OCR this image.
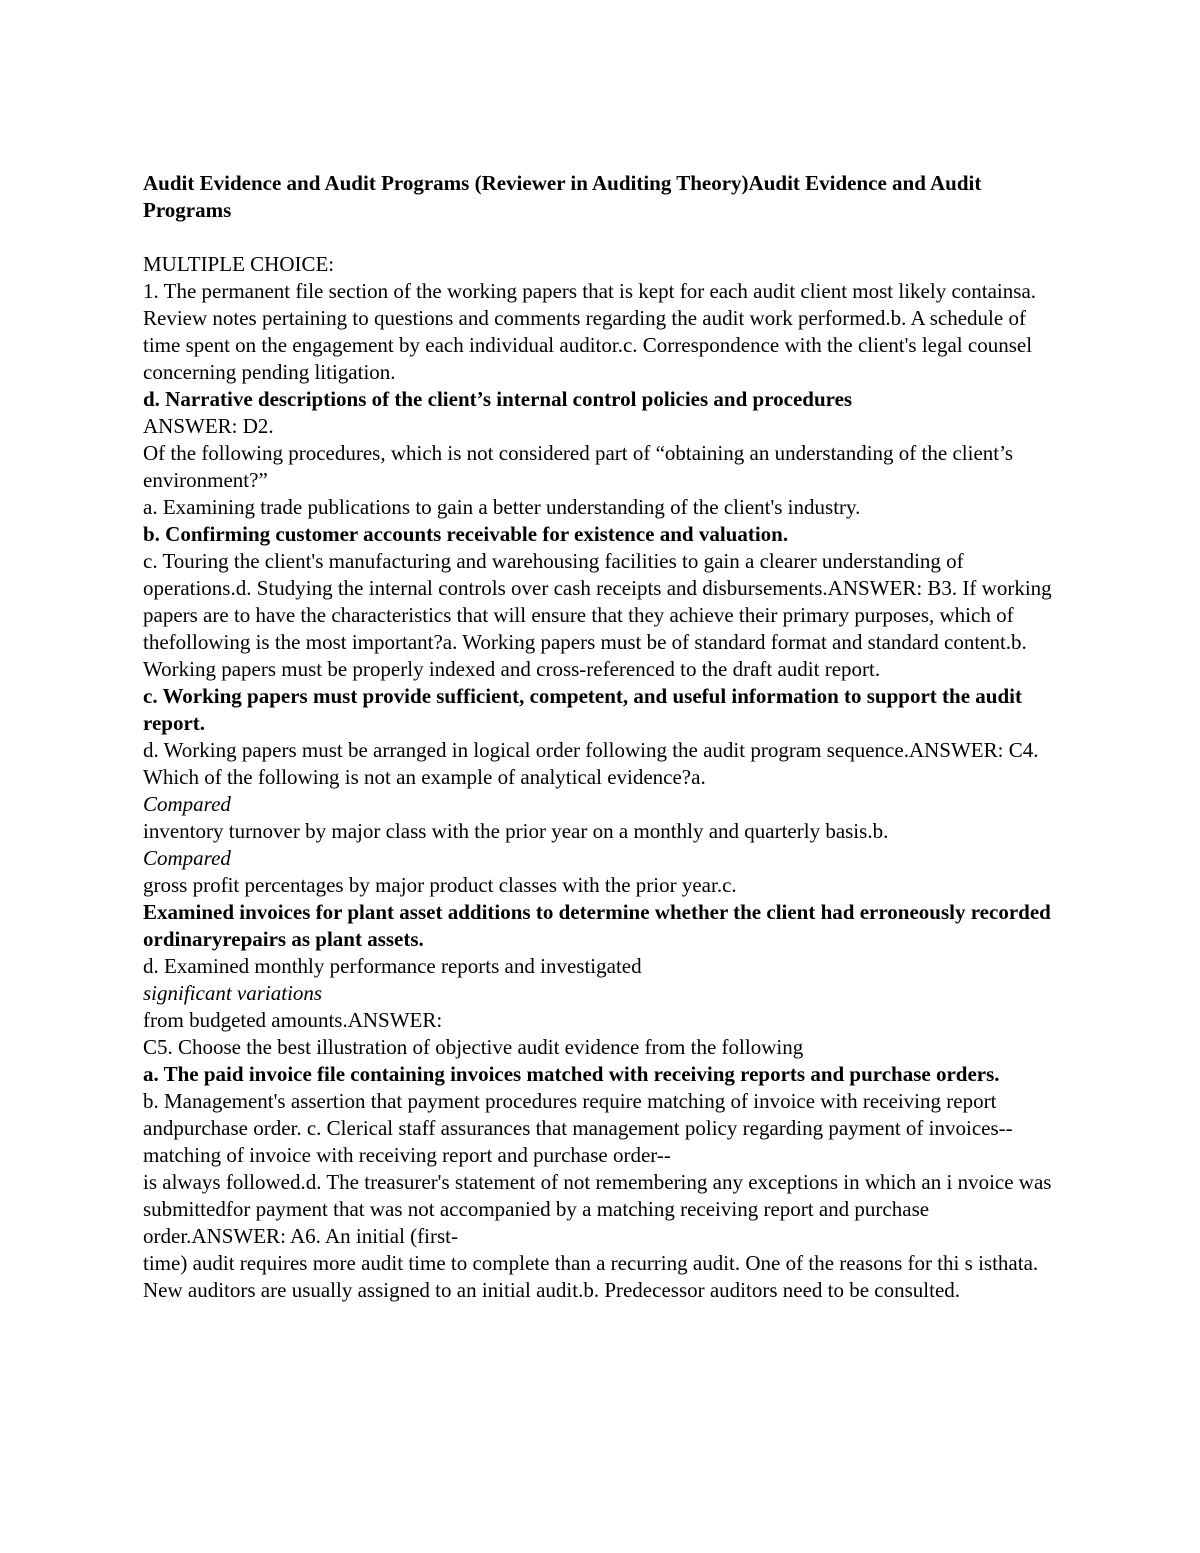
Audit Evidence and Audit Programs (Reviewer in Auditing Theory)Audit Evidence and Audit Programs
MULTIPLE CHOICE:
1. The permanent file section of the working papers that is kept for each audit client most likely containsa. Review notes pertaining to questions and comments regarding the audit work performed.b. A schedule of time spent on the engagement by each individual auditor.c. Correspondence with the client's legal counsel concerning pending litigation.
d. Narrative descriptions of the client’s internal control policies and procedures
ANSWER: D2.
Of the following procedures, which is not considered part of “obtaining an understanding of the client’s environment?”
a. Examining trade publications to gain a better understanding of the client's industry.
b. Confirming customer accounts receivable for existence and valuation.
c. Touring the client's manufacturing and warehousing facilities to gain a clearer understanding of operations.d. Studying the internal controls over cash receipts and disbursements.ANSWER: B3. If working papers are to have the characteristics that will ensure that they achieve their primary purposes, which of thefollowing is the most important?a. Working papers must be of standard format and standard content.b. Working papers must be properly indexed and cross-referenced to the draft audit report.
c. Working papers must provide sufficient, competent, and useful information to support the audit report.
d. Working papers must be arranged in logical order following the audit program sequence.ANSWER: C4. Which of the following is not an example of analytical evidence?a.
Compared
inventory turnover by major class with the prior year on a monthly and quarterly basis.b.
Compared
gross profit percentages by major product classes with the prior year.c.
Examined invoices for plant asset additions to determine whether the client had erroneously recorded ordinaryrepairs as plant assets.
d. Examined monthly performance reports and investigated
significant variations
from budgeted amounts.ANSWER:
C5. Choose the best illustration of objective audit evidence from the following
a. The paid invoice file containing invoices matched with receiving reports and purchase orders.
b. Management's assertion that payment procedures require matching of invoice with receiving report andpurchase order. c. Clerical staff assurances that management policy regarding payment of invoices--matching of invoice with receiving report and purchase order--
is always followed.d. The treasurer's statement of not remembering any exceptions in which an i nvoice was submittedfor payment that was not accompanied by a matching receiving report and purchase order.ANSWER: A6. An initial (first-
time) audit requires more audit time to complete than a recurring audit. One of the reasons for thi s isthata. New auditors are usually assigned to an initial audit.b. Predecessor auditors need to be consulted.
